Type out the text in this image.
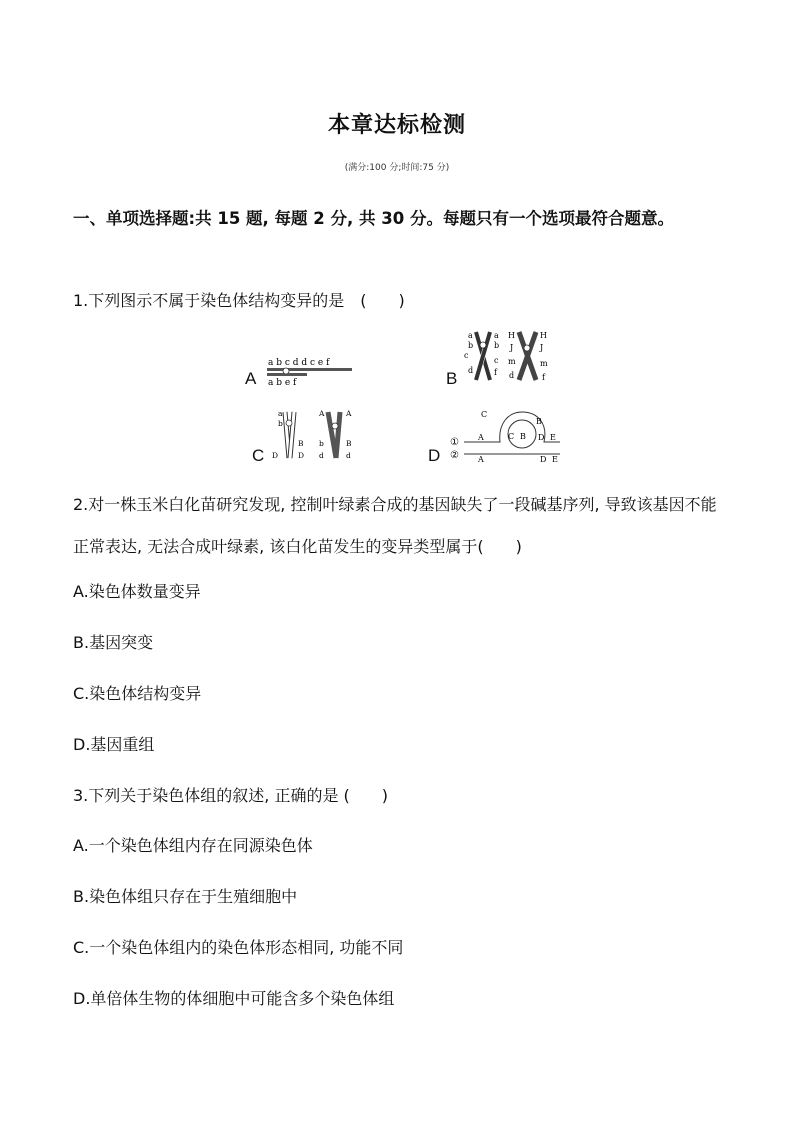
本章达标检测
(满分:100 分;时间:75 分)
一、单项选择题:共 15 题, 每题 2 分, 共 30 分。每题只有一个选项最符合题意。
1.下列图示不属于染色体结构变异的是　(　　)
A
a b c d d c e f
a b e f	B
a b cd
a b c f
H J m d
H J m f
C
a b D
B D
A b d
A B d	D
①
②
C A	C BB D E A	D E
2.对一株玉米白化苗研究发现, 控制叶绿素合成的基因缺失了一段碱基序列, 导致该基因不能正常表达, 无法合成叶绿素, 该白化苗发生的变异类型属于(　　)
A.染色体数量变异
B.基因突变
C.染色体结构变异
D.基因重组
3.下列关于染色体组的叙述, 正确的是 (　　)
A.一个染色体组内存在同源染色体
B.染色体组只存在于生殖细胞中
C.一个染色体组内的染色体形态相同, 功能不同
D.单倍体生物的体细胞中可能含多个染色体组
